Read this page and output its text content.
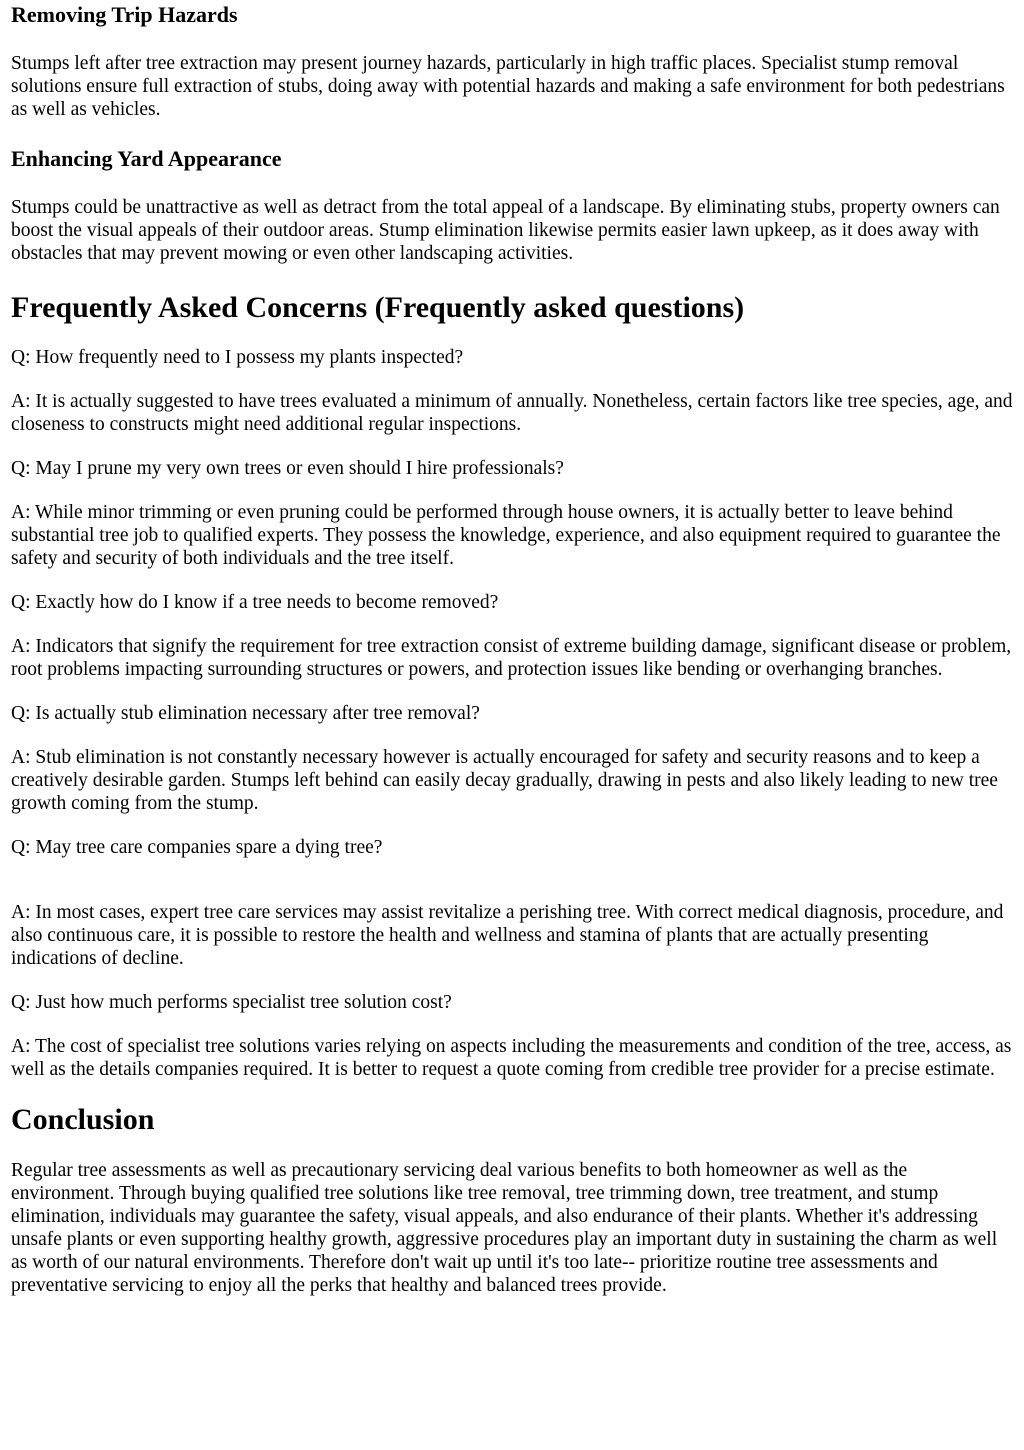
Removing Trip Hazards

Stumps left after tree extraction may present journey hazards, particularly in high traffic places. Specialist stump removal solutions ensure full extraction of stubs, doing away with potential hazards and making a safe environment for both pedestrians as well as vehicles.

Enhancing Yard Appearance

Stumps could be unattractive as well as detract from the total appeal of a landscape. By eliminating stubs, property owners can boost the visual appeals of their outdoor areas. Stump elimination likewise permits easier lawn upkeep, as it does away with obstacles that may prevent mowing or even other landscaping activities.

Frequently Asked Concerns (Frequently asked questions)

Q: How frequently need to I possess my plants inspected?

A: It is actually suggested to have trees evaluated a minimum of annually. Nonetheless, certain factors like tree species, age, and closeness to constructs might need additional regular inspections.

Q: May I prune my very own trees or even should I hire professionals?

A: While minor trimming or even pruning could be performed through house owners, it is actually better to leave behind substantial tree job to qualified experts. They possess the knowledge, experience, and also equipment required to guarantee the safety and security of both individuals and the tree itself.

Q: Exactly how do I know if a tree needs to become removed?

A: Indicators that signify the requirement for tree extraction consist of extreme building damage, significant disease or problem, root problems impacting surrounding structures or powers, and protection issues like bending or overhanging branches.

Q: Is actually stub elimination necessary after tree removal?

A: Stub elimination is not constantly necessary however is actually encouraged for safety and security reasons and to keep a creatively desirable garden. Stumps left behind can easily decay gradually, drawing in pests and also likely leading to new tree growth coming from the stump.

Q: May tree care companies spare a dying tree?

A: In most cases, expert tree care services may assist revitalize a perishing tree. With correct medical diagnosis, procedure, and also continuous care, it is possible to restore the health and wellness and stamina of plants that are actually presenting indications of decline.

Q: Just how much performs specialist tree solution cost?

A: The cost of specialist tree solutions varies relying on aspects including the measurements and condition of the tree, access, as well as the details companies required. It is better to request a quote coming from credible tree provider for a precise estimate.

Conclusion

Regular tree assessments as well as precautionary servicing deal various benefits to both homeowner as well as the environment. Through buying qualified tree solutions like tree removal, tree trimming down, tree treatment, and stump elimination, individuals may guarantee the safety, visual appeals, and also endurance of their plants. Whether it's addressing unsafe plants or even supporting healthy growth, aggressive procedures play an important duty in sustaining the charm as well as worth of our natural environments. Therefore don't wait up until it's too late-- prioritize routine tree assessments and preventative servicing to enjoy all the perks that healthy and balanced trees provide.
